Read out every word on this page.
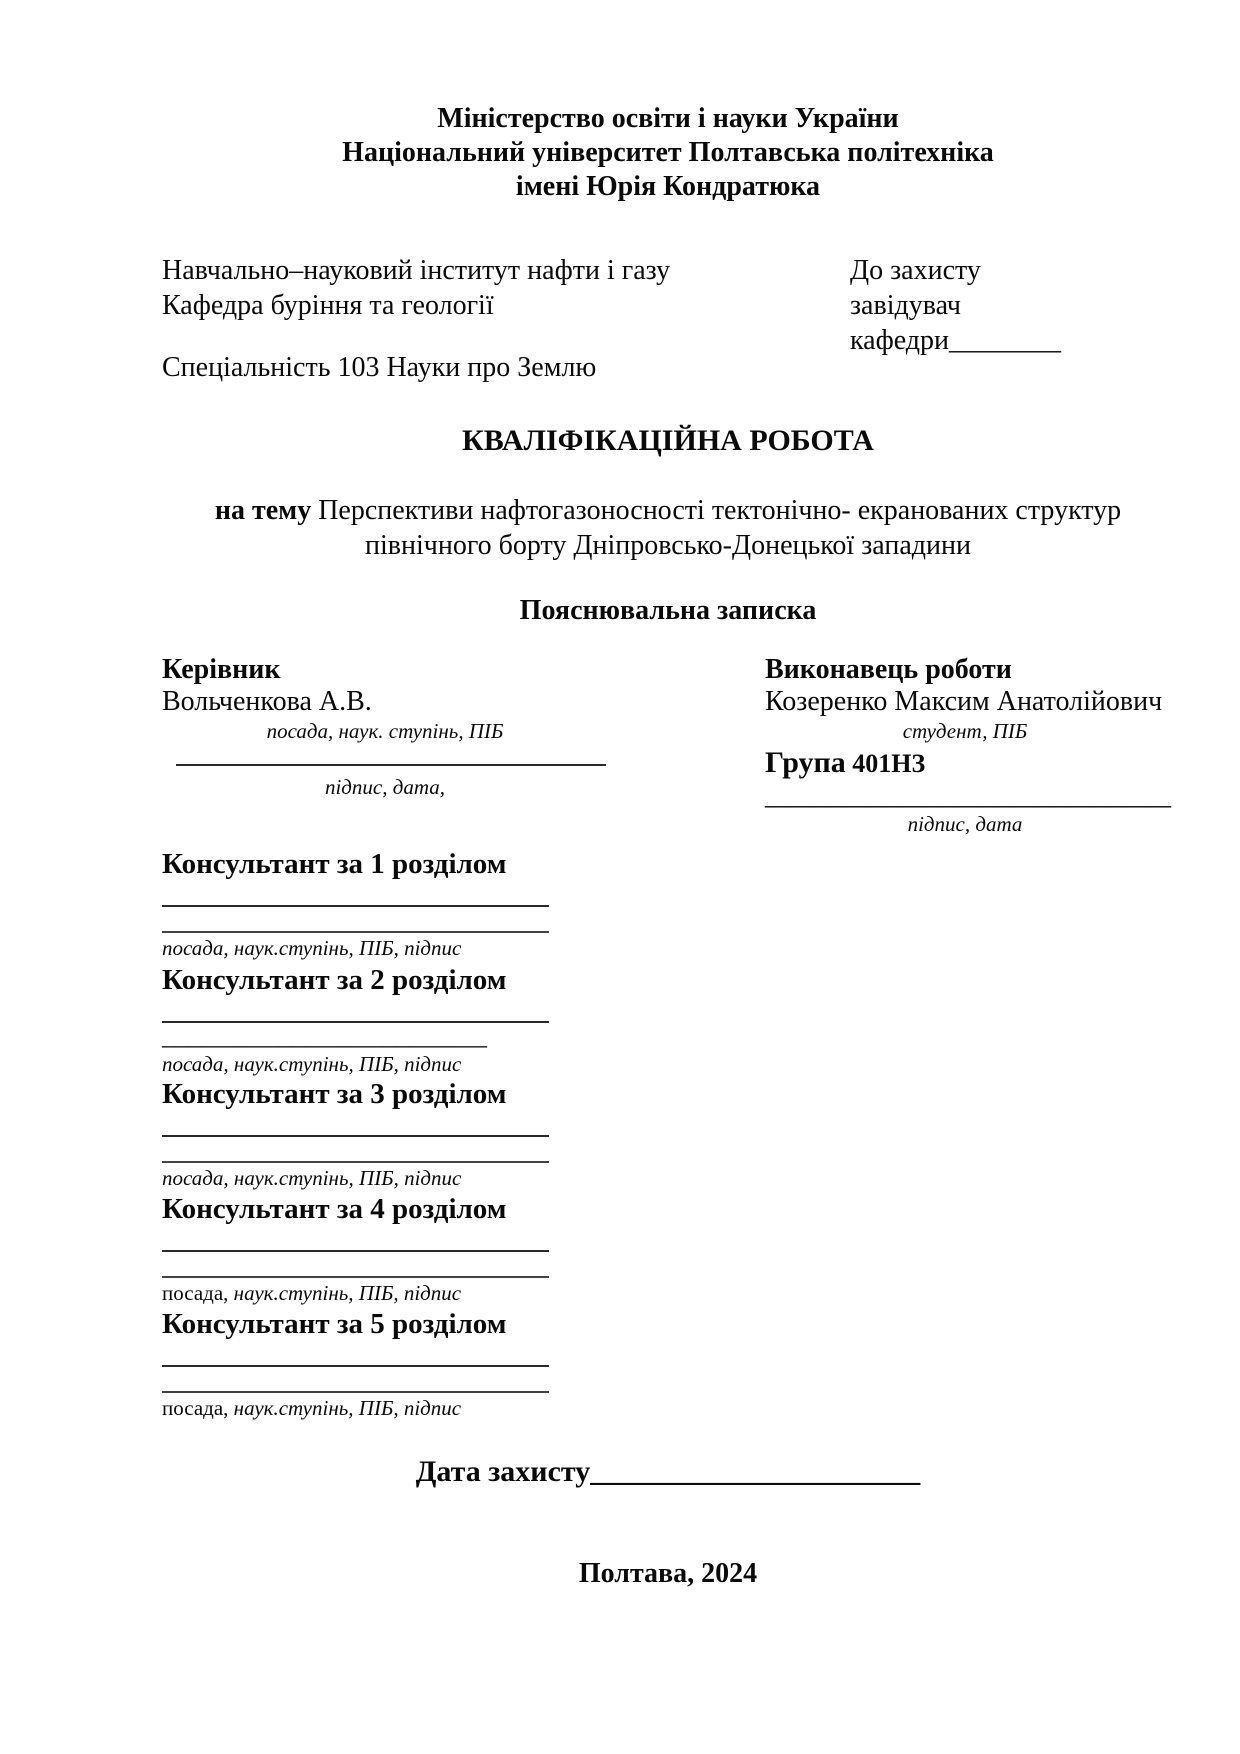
Міністерство освіти і науки України
Національний університет Полтавська політехніка
імені Юрія Кондратюка
Навчально–науковий інститут нафти і газу
Кафедра буріння та геології
До захисту
завідувач
кафедри________
Спеціальність 103 Науки про Землю
КВАЛІФІКАЦІЙНА РОБОТА
на тему Перспективи нафтогазоносності тектонічно- екранованих структур
північного борту Дніпровсько-Донецької западини
Пояснювальна записка
Керівник
Вольченкова А.В.
посада, наук. ступінь, ПІБ
підпис, дата,
Виконавець роботи
Козеренко Максим Анатолійович
студент, ПІБ
Група 401НЗ
_____________________________
підпис, дата
Консультант за 1 розділом
посада, наук.ступінь, ПІБ, підпис
Консультант за 2 розділом
_________________________
посада, наук.ступінь, ПІБ, підпис
Консультант за 3 розділом
посада, наук.ступінь, ПІБ, підпис
Консультант за 4 розділом
посада, наук.ступінь, ПІБ, підпис
Консультант за 5 розділом
посада, наук.ступінь, ПІБ, підпис
Дата захисту______________________
Полтава, 2024
